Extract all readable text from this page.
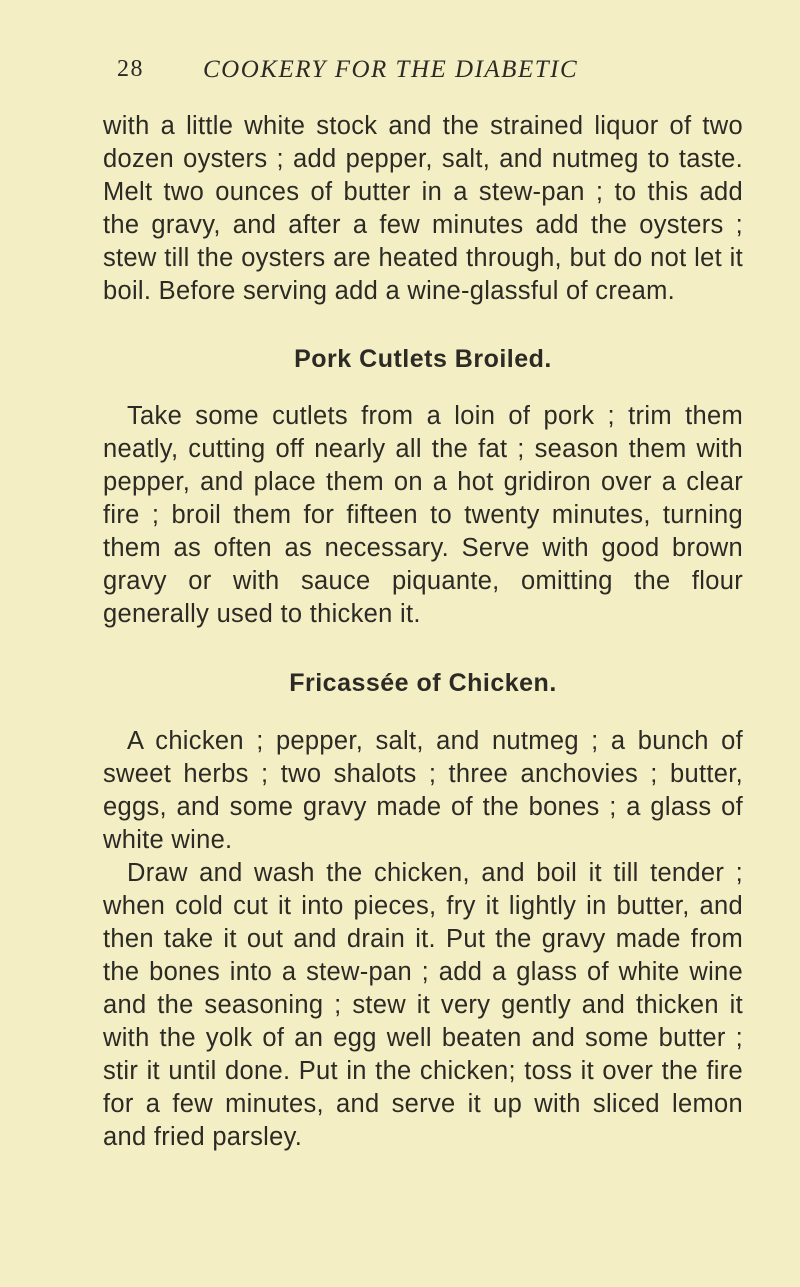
28 COOKERY FOR THE DIABETIC

with a little white stock and the strained liquor of two dozen oysters ; add pepper, salt, and nutmeg to taste. Melt two ounces of butter in a stew-pan ; to this add the gravy, and after a few minutes add the oysters ; stew till the oysters are heated through, but do not let it boil. Before serving add a wine-glassful of cream.

Pork Cutlets Broiled.

Take some cutlets from a loin of pork ; trim them neatly, cutting off nearly all the fat ; season them with pepper, and place them on a hot gridiron over a clear fire ; broil them for fifteen to twenty minutes, turning them as often as necessary. Serve with good brown gravy or with sauce piquante, omitting the flour generally used to thicken it.

Fricassée of Chicken.

A chicken ; pepper, salt, and nutmeg ; a bunch of sweet herbs ; two shalots ; three anchovies ; butter, eggs, and some gravy made of the bones ; a glass of white wine.

Draw and wash the chicken, and boil it till tender ; when cold cut it into pieces, fry it lightly in butter, and then take it out and drain it. Put the gravy made from the bones into a stew-pan ; add a glass of white wine and the seasoning ; stew it very gently and thicken it with the yolk of an egg well beaten and some butter ; stir it until done. Put in the chicken; toss it over the fire for a few minutes, and serve it up with sliced lemon and fried parsley.
